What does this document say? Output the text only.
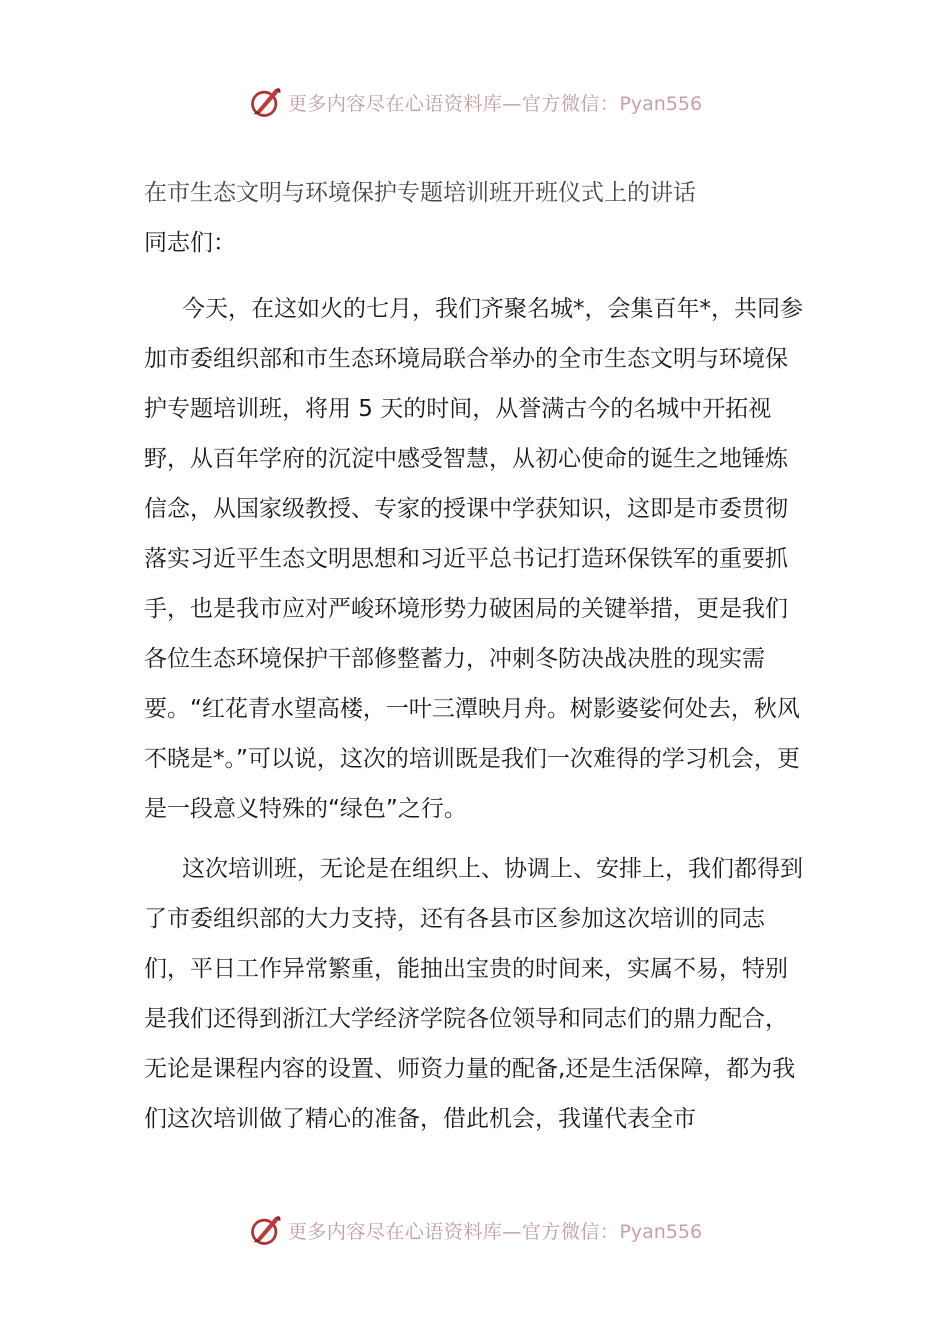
更多内容尽在心语资料库—官方微信：Pyan556
在市生态文明与环境保护专题培训班开班仪式上的讲话
同志们：

今天，在这如火的七月，我们齐聚名城*，会集百年*，共同参加市委组织部和市生态环境局联合举办的全市生态文明与环境保护专题培训班，将用 5 天的时间，从誉满古今的名城中开拓视野，从百年学府的沉淀中感受智慧，从初心使命的诞生之地锤炼信念，从国家级教授、专家的授课中学获知识，这即是市委贯彻落实习近平生态文明思想和习近平总书记打造环保铁军的重要抓手，也是我市应对严峻环境形势力破困局的关键举措，更是我们各位生态环境保护干部修整蓄力，冲刺冬防决战决胜的现实需要。“红花青水望高楼，一叶三潭映月舟。树影婆娑何处去，秋风不晓是*。”可以说，这次的培训既是我们一次难得的学习机会，更是一段意义特殊的“绿色”之行。

这次培训班，无论是在组织上、协调上、安排上，我们都得到了市委组织部的大力支持，还有各县市区参加这次培训的同志们，平日工作异常繁重，能抽出宝贵的时间来，实属不易，特别是我们还得到浙江大学经济学院各位领导和同志们的鼎力配合，无论是课程内容的设置、师资力量的配备,还是生活保障，都为我们这次培训做了精心的准备，借此机会，我谨代表全市

更多内容尽在心语资料库—官方微信：Pyan556
